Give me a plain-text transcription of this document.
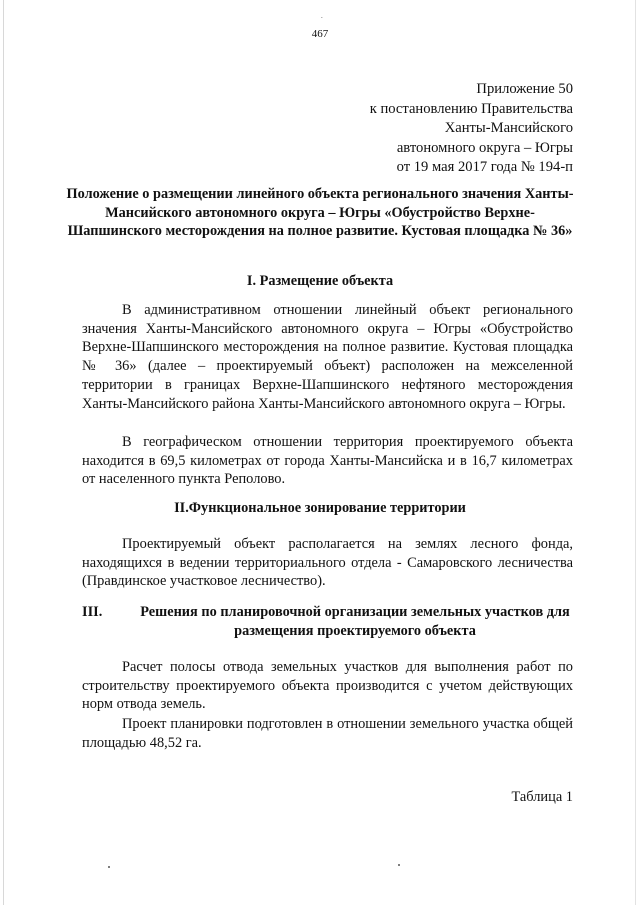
.
467
Приложение 50
к постановлению Правительства
Ханты-Мансийского
автономного округа – Югры
от 19 мая 2017 года № 194-п
Положение о размещении линейного объекта регионального значения Ханты-Мансийского автономного округа – Югры «Обустройство Верхне-Шапшинского месторождения на полное развитие. Кустовая площадка № 36»
I. Размещение объекта
В административном отношении линейный объект регионального значения Ханты-Мансийского автономного округа – Югры «Обустройство Верхне-Шапшинского месторождения на полное развитие. Кустовая площадка № 36» (далее – проектируемый объект) расположен на межселенной территории в границах Верхне-Шапшинского нефтяного месторождения Ханты-Мансийского района Ханты-Мансийского автономного округа – Югры.
В географическом отношении территория проектируемого объекта находится в 69,5 километрах от города Ханты-Мансийска и в 16,7 километрах от населенного пункта Реполово.
II.Функциональное зонирование территории
Проектируемый объект располагается на землях лесного фонда, находящихся в ведении территориального отдела - Самаровского лесничества (Правдинское участковое лесничество).
III.	Решения по планировочной организации земельных участков для размещения проектируемого объекта
Расчет полосы отвода земельных участков для выполнения работ по строительству проектируемого объекта производится с учетом действующих норм отвода земель.
Проект планировки подготовлен в отношении земельного участка общей площадью 48,52 га.
Таблица 1
